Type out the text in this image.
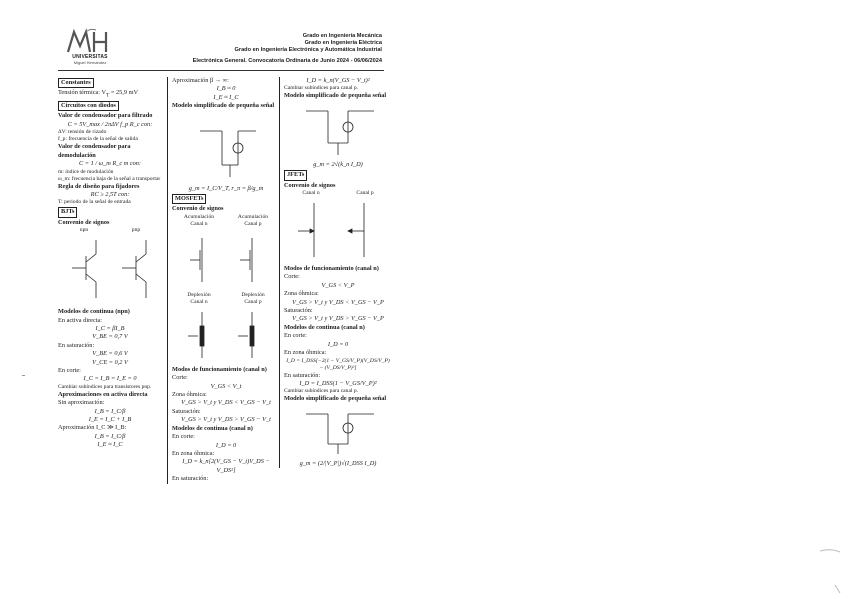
UNIVERSITAS
Miguel Hernández
Grado en Ingeniería Mecánica
Grado en Ingeniería Eléctrica
Grado en Ingeniería Electrónica y Automática Industrial
Electrónica General. Convocatoria Ordinaria de Junio 2024 - 06/06/2024
Constantes
Tensión térmica: $V_T = 25,9$ mV
Circuitos con diodos
Valor de condensador para filtrado
C = 5V_max / 2πΔV f_p R_c con:
ΔV: tensión de rizado
f_p: frecuencia de la señal de salida
Valor de condensador para demodulación
C = 1 / ω_m R_c m con:
m: índice de modulación
ω_m: frecuencia baja de la señal a transportar
Regla de diseño para fijadores
RC ≥ 2,5T con:
T: periodo de la señal de entrada
BJTs
Convenio de signos
npn	pnp
Modelos de continua (npn)
En activa directa:
I_C = βI_B
V_BE = 0,7 V
En saturación:
V_BE = 0,6 V
V_CE = 0,2 V
En corte:
I_C = I_B = I_E = 0
Cambiar subíndices para transistores pnp.
Aproximaciones en activa directa
Sin aproximación:
I_B = I_C/β
I_E = I_C + I_B
Aproximación I_C ≫ I_B:
I_B = I_C/β
I_E ≈ I_C
Aproximación β → ∞:
I_B ≈ 0
I_E ≈ I_C
Modelo simplificado de pequeña señal
g_m = I_C/V_T, r_π = β/g_m
MOSFETs
Convenio de signos
Acumulación
Canal n
Acumulación
Canal p
Deplexión
Canal n
Deplexión
Canal p
Modos de funcionamiento (canal n)
Corte:
V_GS < V_t
Zona óhmica:
V_GS > V_t y V_DS < V_GS − V_t
Saturación:
V_GS > V_t y V_DS > V_GS − V_t
Modelos de continua (canal n)
En corte:
I_D = 0
En zona óhmica:
I_D = k_n[2(V_GS − V_t)V_DS − V_DS²]
En saturación:
I_D = k_n(V_GS − V_t)²
Cambiar subíndices para canal p.
Modelo simplificado de pequeña señal
g_m = 2√(k_n I_D)
JFETs
Convenio de signos
Canal n	Canal p
Modos de funcionamiento (canal n)
Corte:
V_GS < V_P
Zona óhmica:
V_GS > V_t y V_DS < V_GS − V_P
Saturación:
V_GS > V_t y V_DS > V_GS − V_P
Modelos de continua (canal n)
En corte:
I_D = 0
En zona óhmica:
I_D = I_DSS[−2(1 − V_GS/V_P)(V_DS/V_P) − (V_DS/V_P)²]
En saturación:
I_D = I_DSS(1 − V_GS/V_P)²
Cambiar subíndices para canal p.
Modelo simplificado de pequeña señal
g_m = (2/|V_P|)√(I_DSS I_D)
